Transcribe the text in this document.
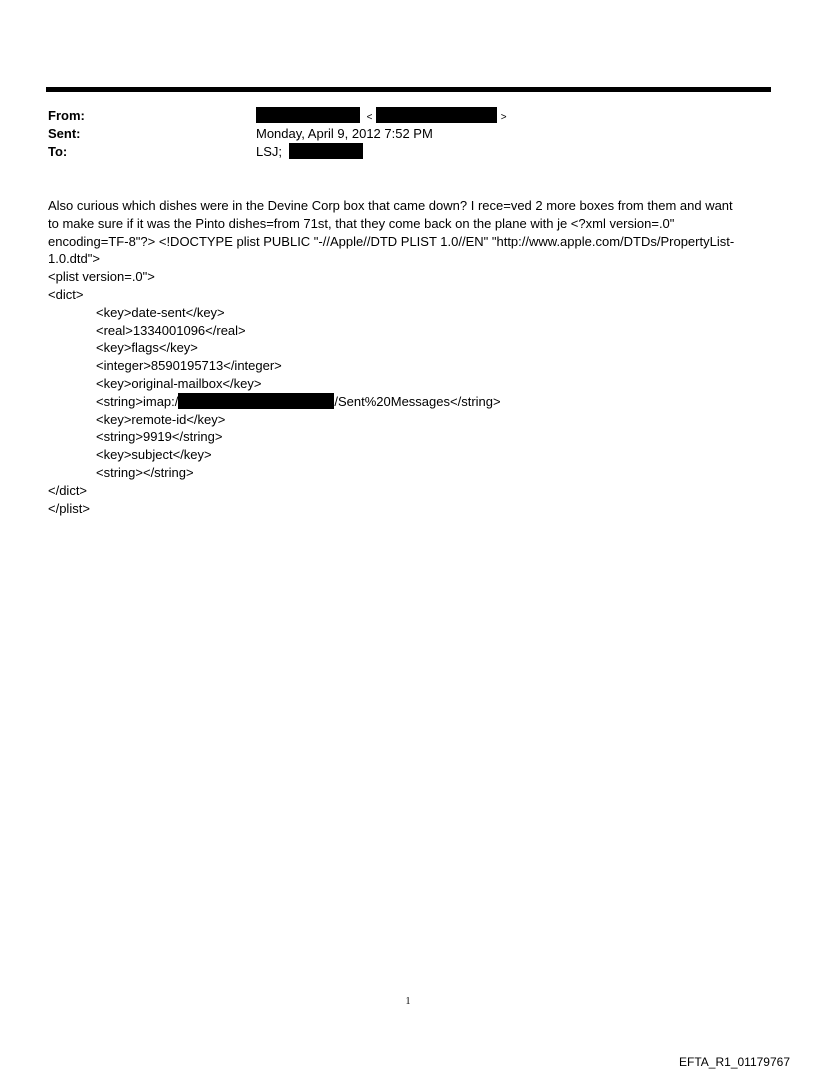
From:
Sent:
To:
<	>
Monday, April 9, 2012 7:52 PM
LSJ;

Also curious which dishes were in the Devine Corp box that came down? I rece=ved 2 more boxes from them and want
to make sure if it was the Pinto dishes=from 71st, that they come back on the plane with je <?xml version=.0"
encoding=TF-8"?> <!DOCTYPE plist PUBLIC "-//Apple//DTD PLIST 1.0//EN" "http://www.apple.com/DTDs/PropertyList-
1.0.dtd">

<plist version=.0">
<dict>
<key>date-sent</key>
<real>1334001096</real>
<key>flags</key>
<integer>8590195713</integer>
<key>original-mailbox</key>
<string>imap:/	/Sent%20Messages</string>
<key>remote-id</key>
<string>9919</string>
<key>subject</key>
<string></string>
</dict>
</plist>
1
EFTA_R1_01179767
